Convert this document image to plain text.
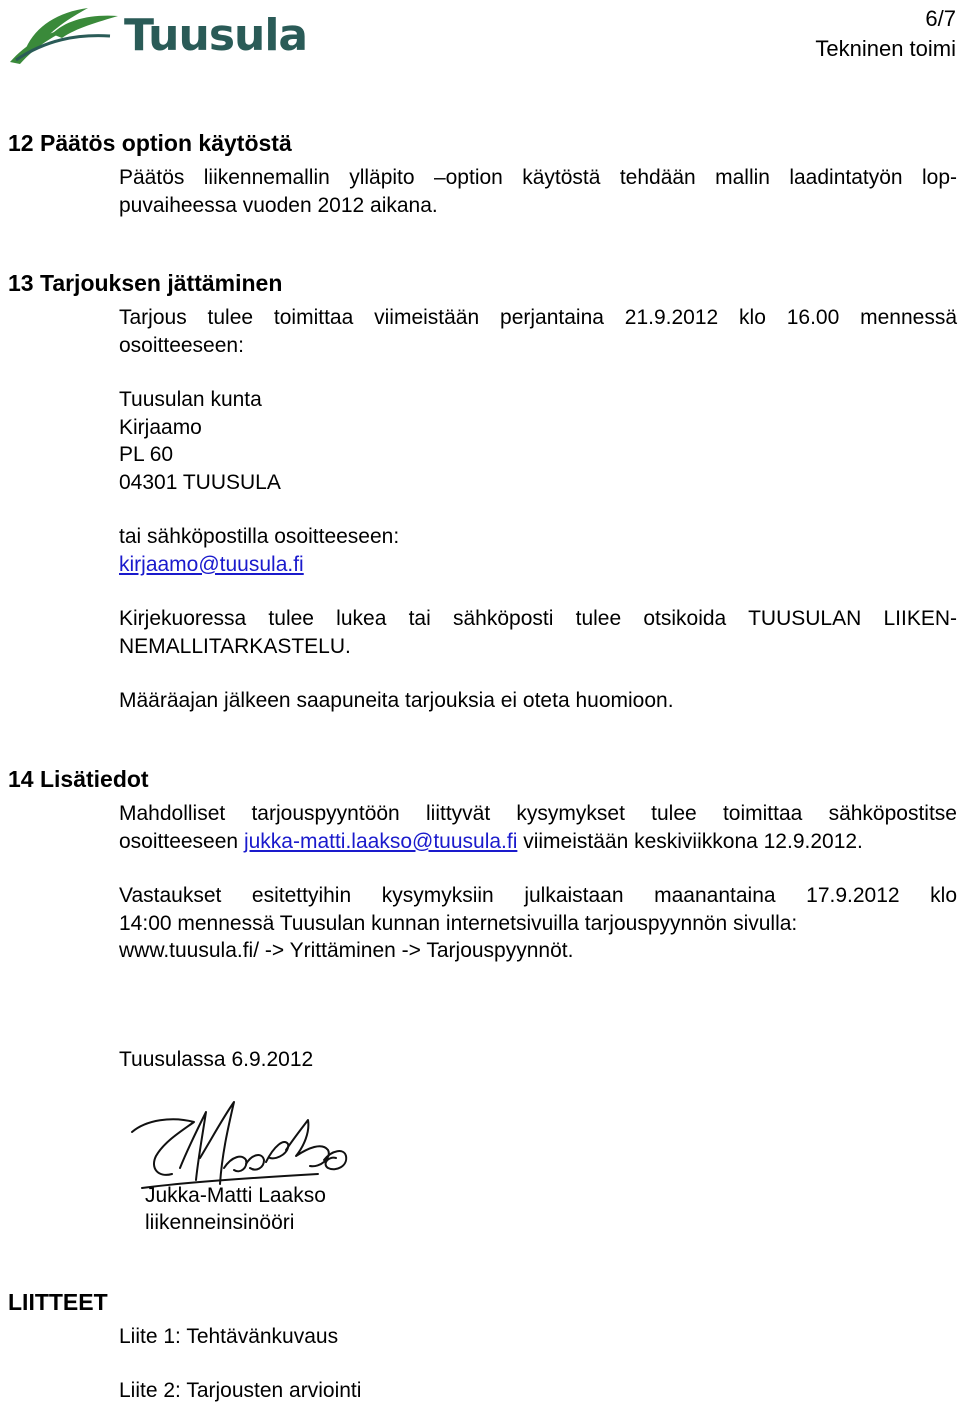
Tuusula	6/7
Tekninen toimi
12 Päätös option käytöstä
Päätös liikennemallin ylläpito –option käytöstä tehdään mallin laadintatyön lop-
puvaiheessa vuoden 2012 aikana.
13 Tarjouksen jättäminen
Tarjous tulee toimittaa viimeistään perjantaina 21.9.2012 klo 16.00 mennessä
osoitteeseen:
Tuusulan kunta
Kirjaamo
PL 60
04301 TUUSULA
tai sähköpostilla osoitteeseen:
kirjaamo@tuusula.fi
Kirjekuoressa tulee lukea tai sähköposti tulee otsikoida TUUSULAN LIIKEN-
NEMALLITARKASTELU.
Määräajan jälkeen saapuneita tarjouksia ei oteta huomioon.
14 Lisätiedot
Mahdolliset tarjouspyyntöön liittyvät kysymykset tulee toimittaa sähköpostitse
osoitteeseen jukka-matti.laakso@tuusula.fi viimeistään keskiviikkona 12.9.2012.
Vastaukset esitettyihin kysymyksiin julkaistaan maanantaina 17.9.2012 klo
14:00 mennessä Tuusulan kunnan internetsivuilla tarjouspyynnön sivulla:
www.tuusula.fi/ -> Yrittäminen -> Tarjouspyynnöt.
Tuusulassa 6.9.2012
Jukka-Matti Laakso
liikenneinsinööri
LIITTEET
Liite 1: Tehtävänkuvaus
Liite 2: Tarjousten arviointi
